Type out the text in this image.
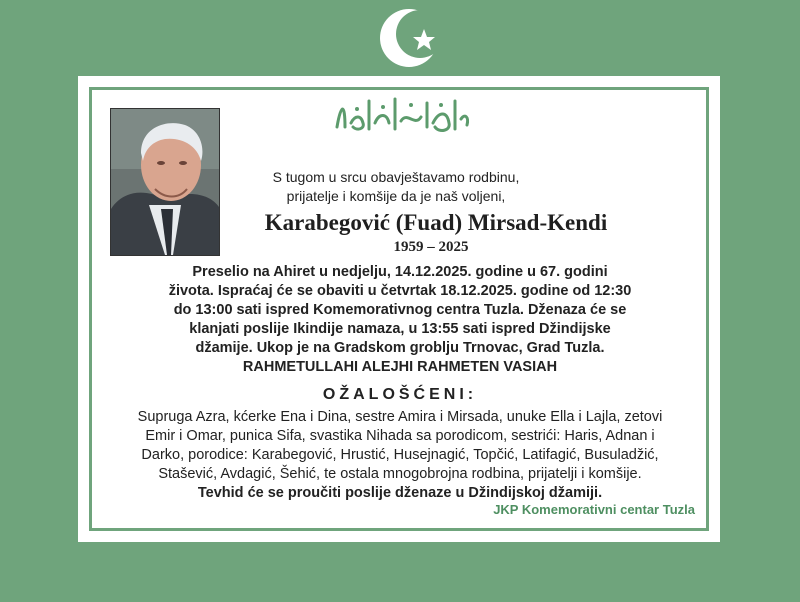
S tugom u srcu obavještavamo rodbinu,
prijatelje i komšije da je naš voljeni,
Karabegović (Fuad) Mirsad-Kendi
1959 – 2025
Preselio na Ahiret u nedjelju, 14.12.2025. godine u 67. godini
života. Ispraćaj će se obaviti u četvrtak 18.12.2025. godine od 12:30
do 13:00 sati ispred Komemorativnog centra Tuzla. Dženaza će se
klanjati poslije Ikindije namaza, u 13:55 sati ispred Džindijske
džamije. Ukop je na Gradskom groblju Trnovac, Grad Tuzla.
RAHMETULLAHI ALEJHI RAHMETEN VASIAH
OŽALOŠĆENI:
Supruga Azra, kćerke Ena i Dina, sestre Amira i Mirsada, unuke Ella i Lajla, zetovi
Emir i Omar, punica Sifa, svastika Nihada sa porodicom, sestrići: Haris, Adnan i
Darko, porodice: Karabegović, Hrustić, Husejnagić, Topčić, Latifagić, Busuladžić,
Stašević, Avdagić, Šehić, te ostala mnogobrojna rodbina, prijatelji i komšije.
Tevhid će se proučiti poslije dženaze u Džindijskoj džamiji.
JKP Komemorativni centar Tuzla
